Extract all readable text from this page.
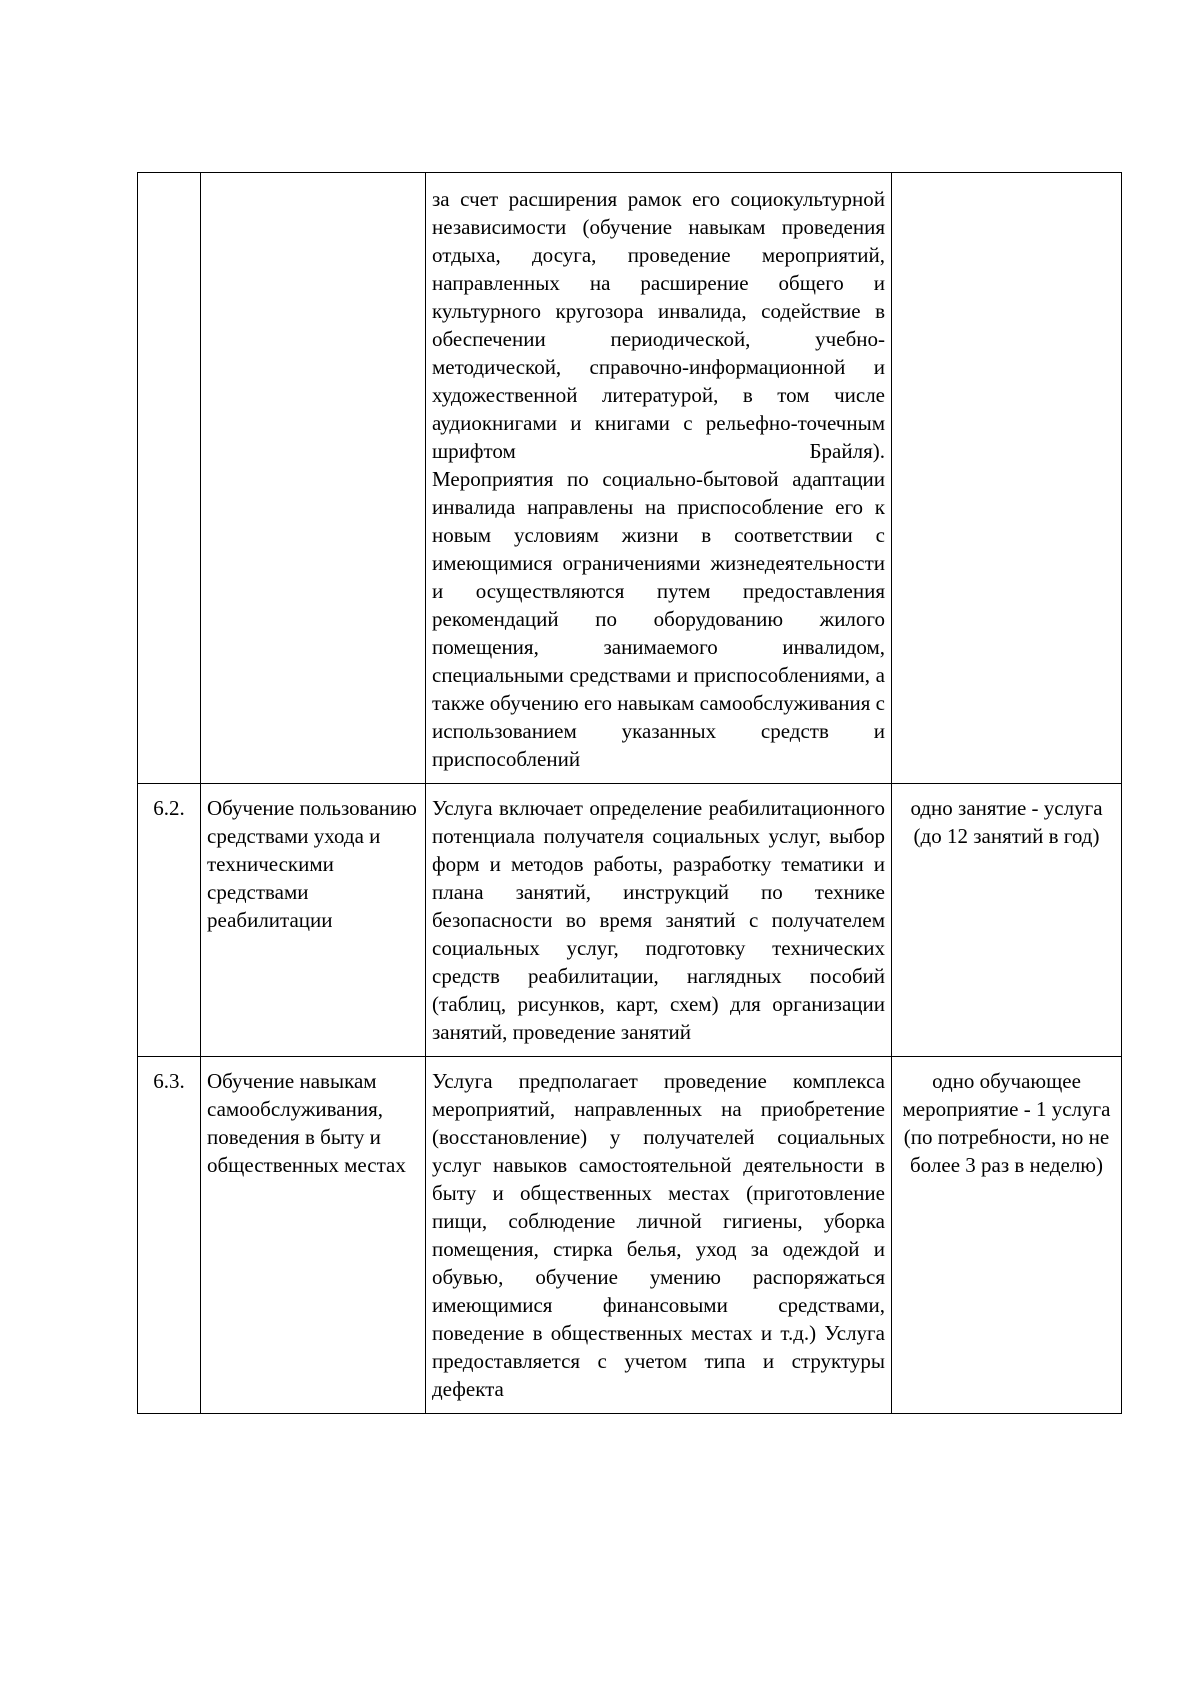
		за счет расширения рамок его социокультурной независимости (обучение навыкам проведения отдыха, досуга, проведение мероприятий, направленных на расширение общего и культурного кругозора инвалида, содействие в обеспечении периодической, учебно-методической, справочно-информационной и художественной литературой, в том числе аудиокнигами и книгами с рельефно-точечным шрифтом Брайля).

Мероприятия по социально-бытовой адаптации инвалида направлены на приспособление его к новым условиям жизни в соответствии с имеющимися ограничениями жизнедеятельности и осуществляются путем предоставления рекомендаций по оборудованию жилого помещения, занимаемого инвалидом, специальными средствами и приспособлениями, а также обучению его навыкам самообслуживания с использованием указанных средств и приспособлений	

6.2.	Обучение пользованию средствами ухода и техническими средствами реабилитации	Услуга включает определение реабилитационного потенциала получателя социальных услуг, выбор форм и методов работы, разработку тематики и плана занятий, инструкций по технике безопасности во время занятий с получателем социальных услуг, подготовку технических средств реабилитации, наглядных пособий (таблиц, рисунков, карт, схем) для организации занятий, проведение занятий	одно занятие - услуга (до 12 занятий в год)
6.3.	Обучение навыкам самообслуживания, поведения в быту и общественных местах	Услуга предполагает проведение комплекса мероприятий, направленных на приобретение (восстановление) у получателей социальных услуг навыков самостоятельной деятельности в быту и общественных местах (приготовление пищи, соблюдение личной гигиены, уборка помещения, стирка белья, уход за одеждой и обувью, обучение умению распоряжаться имеющимися финансовыми средствами, поведение в общественных местах и т.д.) Услуга предоставляется с учетом типа и структуры дефекта	одно обучающее мероприятие - 1 услуга (по потребности, но не более 3 раз в неделю)
